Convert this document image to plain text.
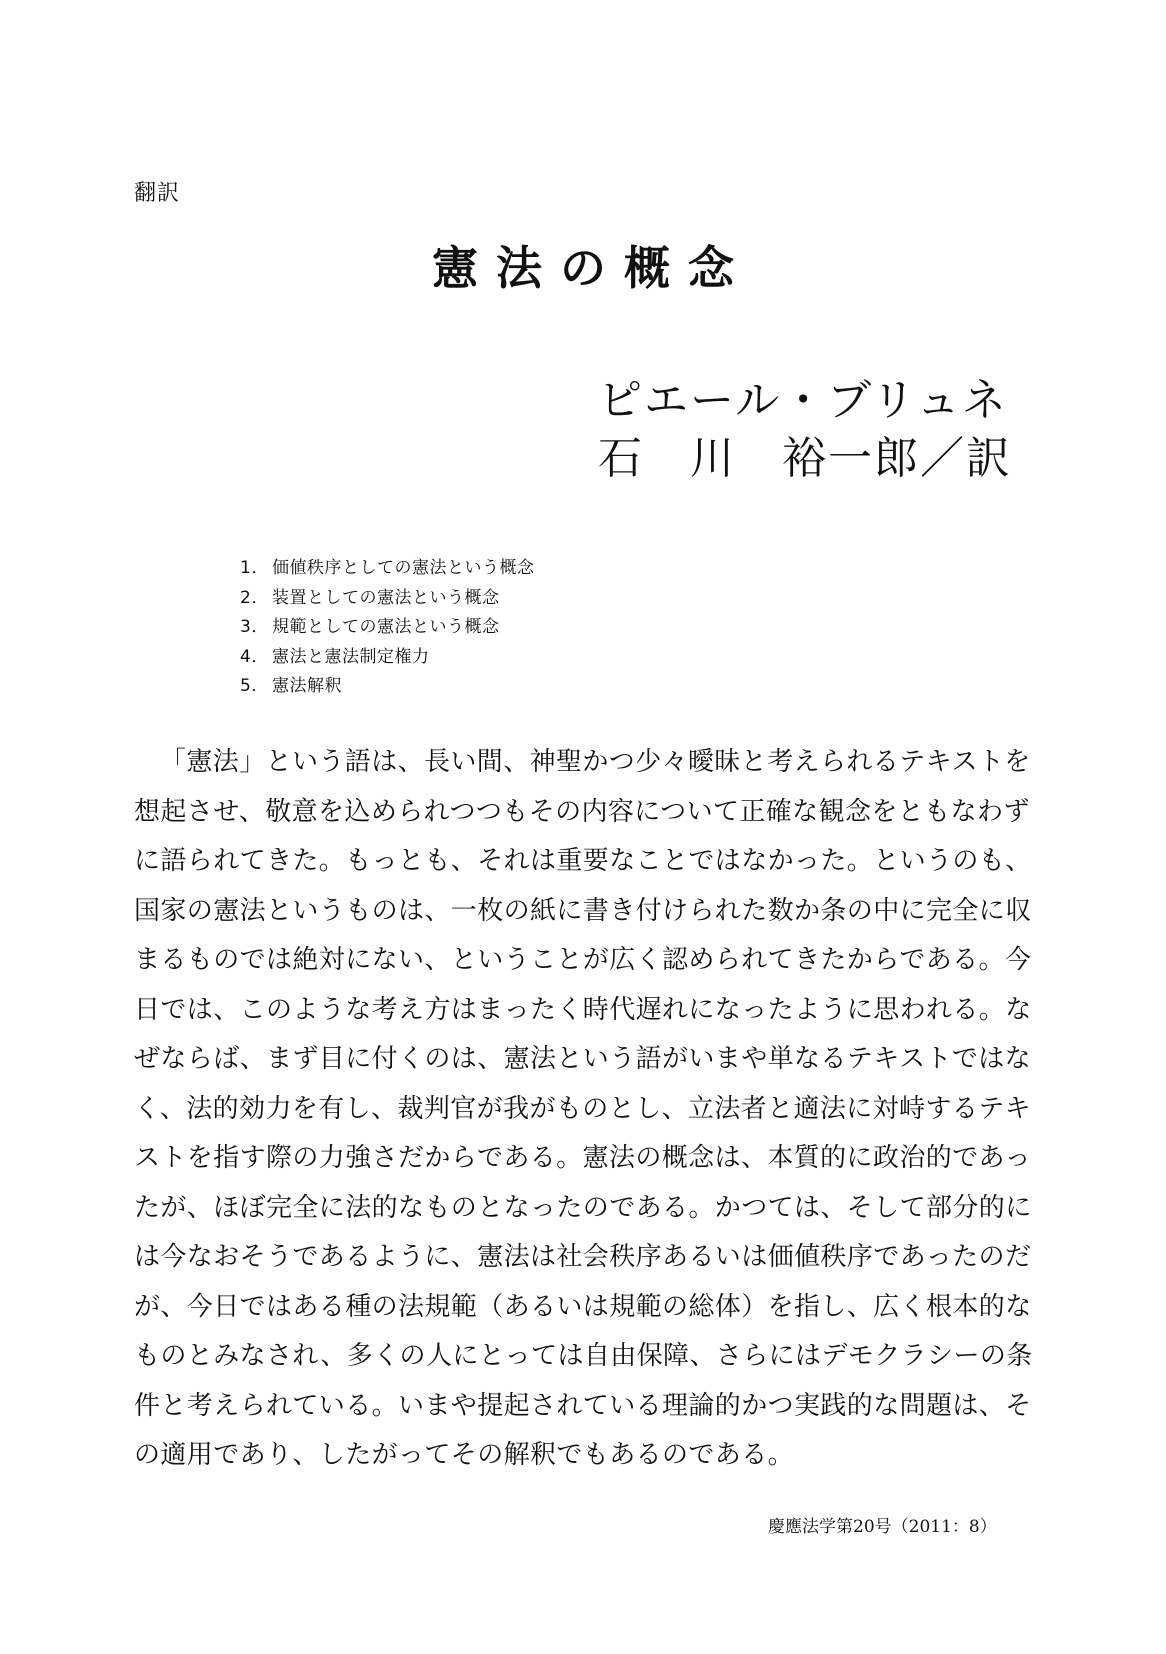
翻訳
憲法の概念
ピエール・ブリュネ
石　川　裕一郎／訳
1． 価値秩序としての憲法という概念
2． 装置としての憲法という概念
3． 規範としての憲法という概念
4． 憲法と憲法制定権力
5． 憲法解釈

「憲法」という語は、長い間、神聖かつ少々曖昧と考えられるテキストを想起させ、敬意を込められつつもその内容について正確な観念をともなわずに語られてきた。もっとも、それは重要なことではなかった。というのも、国家の憲法というものは、一枚の紙に書き付けられた数か条の中に完全に収まるものでは絶対にない、ということが広く認められてきたからである。今日では、このような考え方はまったく時代遅れになったように思われる。なぜならば、まず目に付くのは、憲法という語がいまや単なるテキストではなく、法的効力を有し、裁判官が我がものとし、立法者と適法に対峙するテキストを指す際の力強さだからである。憲法の概念は、本質的に政治的であったが、ほぼ完全に法的なものとなったのである。かつては、そして部分的には今なおそうであるように、憲法は社会秩序あるいは価値秩序であったのだが、今日ではある種の法規範（あるいは規範の総体）を指し、広く根本的なものとみなされ、多くの人にとっては自由保障、さらにはデモクラシーの条件と考えられている。いまや提起されている理論的かつ実践的な問題は、その適用であり、したがってその解釈でもあるのである。

慶應法学第20号（2011：8）
